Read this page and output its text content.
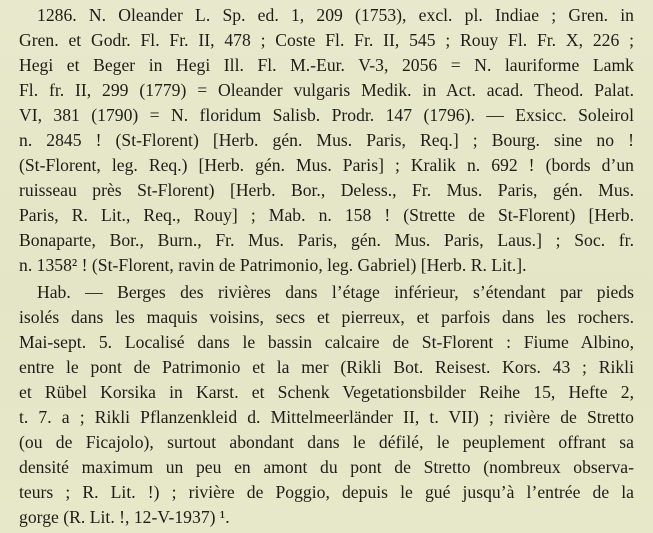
1286. N. Oleander L. Sp. ed. 1, 209 (1753), excl. pl. Indiae ; Gren. in
Gren. et Godr. Fl. Fr. II, 478 ; Coste Fl. Fr. II, 545 ; Rouy Fl. Fr. X, 226 ;
Hegi et Beger in Hegi Ill. Fl. M.-Eur. V-3, 2056 = N. lauriforme Lamk
Fl. fr. II, 299 (1779) = Oleander vulgaris Medik. in Act. acad. Theod. Palat.
VI, 381 (1790) = N. floridum Salisb. Prodr. 147 (1796). — Exsicc. Soleirol
n. 2845 ! (St-Florent) [Herb. gén. Mus. Paris, Req.] ; Bourg. sine no !
(St-Florent, leg. Req.) [Herb. gén. Mus. Paris] ; Kralik n. 692 ! (bords d’un
ruisseau près St-Florent) [Herb. Bor., Deless., Fr. Mus. Paris, gén. Mus.
Paris, R. Lit., Req., Rouy] ; Mab. n. 158 ! (Strette de St-Florent) [Herb.
Bonaparte, Bor., Burn., Fr. Mus. Paris, gén. Mus. Paris, Laus.] ; Soc. fr.
n. 1358² ! (St-Florent, ravin de Patrimonio, leg. Gabriel) [Herb. R. Lit.].
Hab. — Berges des rivières dans l’étage inférieur, s’étendant par pieds
isolés dans les maquis voisins, secs et pierreux, et parfois dans les rochers.
Mai-sept. 5. Localisé dans le bassin calcaire de St-Florent : Fiume Albino,
entre le pont de Patrimonio et la mer (Rikli Bot. Reisest. Kors. 43 ; Rikli
et Rübel Korsika in Karst. et Schenk Vegetationsbilder Reihe 15, Hefte 2,
t. 7. a ; Rikli Pflanzenkleid d. Mittelmeerländer II, t. VII) ; rivière de Stretto
(ou de Ficajolo), surtout abondant dans le défilé, le peuplement offrant sa
densité maximum un peu en amont du pont de Stretto (nombreux observa-
teurs ; R. Lit. !) ; rivière de Poggio, depuis le gué jusqu’à l’entrée de la
gorge (R. Lit. !, 12-V-1937) ¹.
